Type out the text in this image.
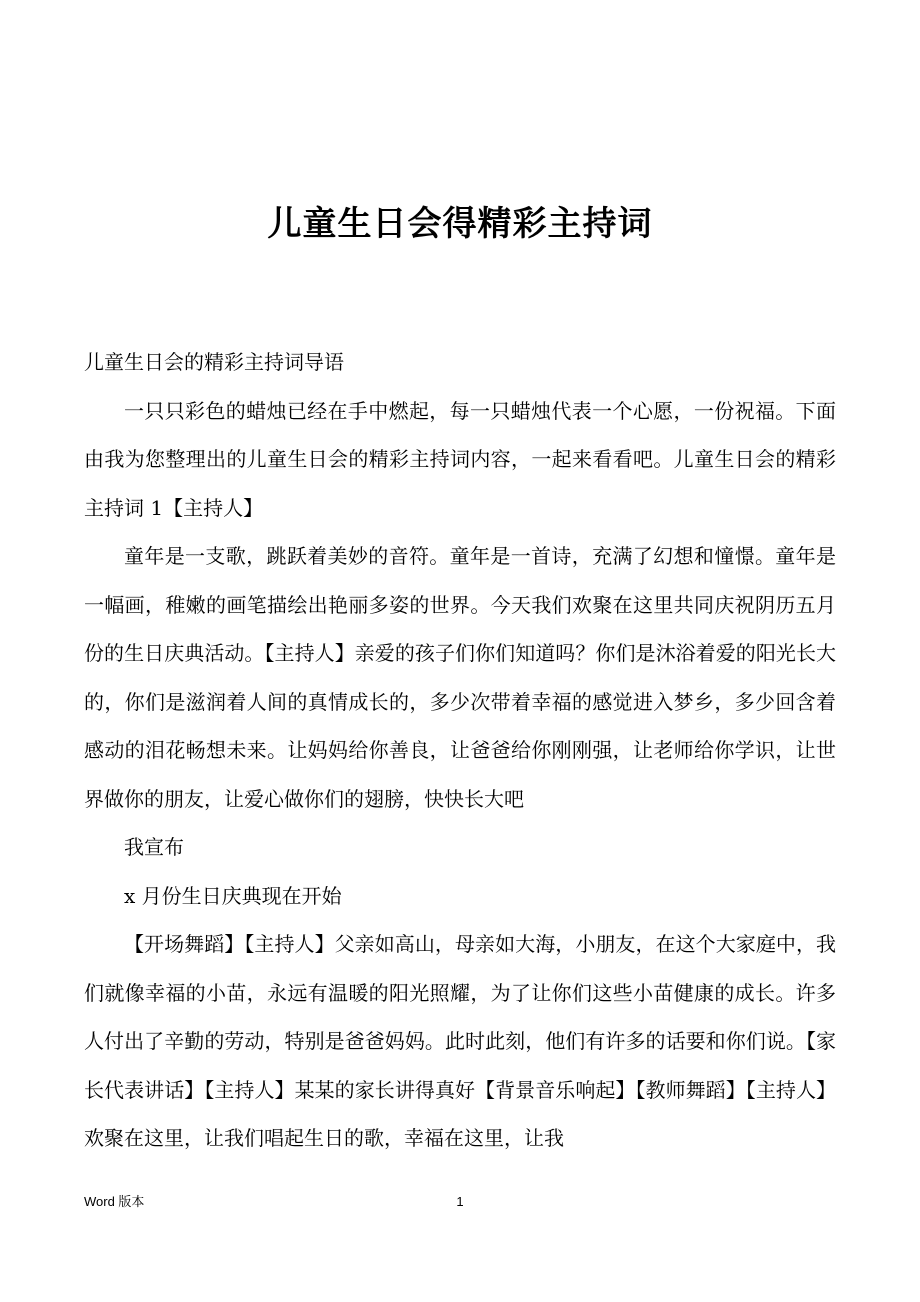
儿童生日会得精彩主持词

儿童生日会的精彩主持词导语

一只只彩色的蜡烛已经在手中燃起，每一只蜡烛代表一个心愿，一份祝福。下面由我为您整理出的儿童生日会的精彩主持词内容，一起来看看吧。儿童生日会的精彩主持词 1【主持人】

童年是一支歌，跳跃着美妙的音符。童年是一首诗，充满了幻想和憧憬。童年是一幅画，稚嫩的画笔描绘出艳丽多姿的世界。今天我们欢聚在这里共同庆祝阴历五月份的生日庆典活动。【主持人】亲爱的孩子们你们知道吗？你们是沐浴着爱的阳光长大的，你们是滋润着人间的真情成长的，多少次带着幸福的感觉进入梦乡，多少回含着感动的泪花畅想未来。让妈妈给你善良，让爸爸给你刚刚强，让老师给你学识，让世界做你的朋友，让爱心做你们的翅膀，快快长大吧

我宣布

x 月份生日庆典现在开始

【开场舞蹈】【主持人】父亲如高山，母亲如大海，小朋友，在这个大家庭中，我们就像幸福的小苗，永远有温暖的阳光照耀，为了让你们这些小苗健康的成长。许多人付出了辛勤的劳动，特别是爸爸妈妈。此时此刻，他们有许多的话要和你们说。【家长代表讲话】【主持人】某某的家长讲得真好【背景音乐响起】【教师舞蹈】【主持人】欢聚在这里，让我们唱起生日的歌，幸福在这里，让我

Word 版本	1
